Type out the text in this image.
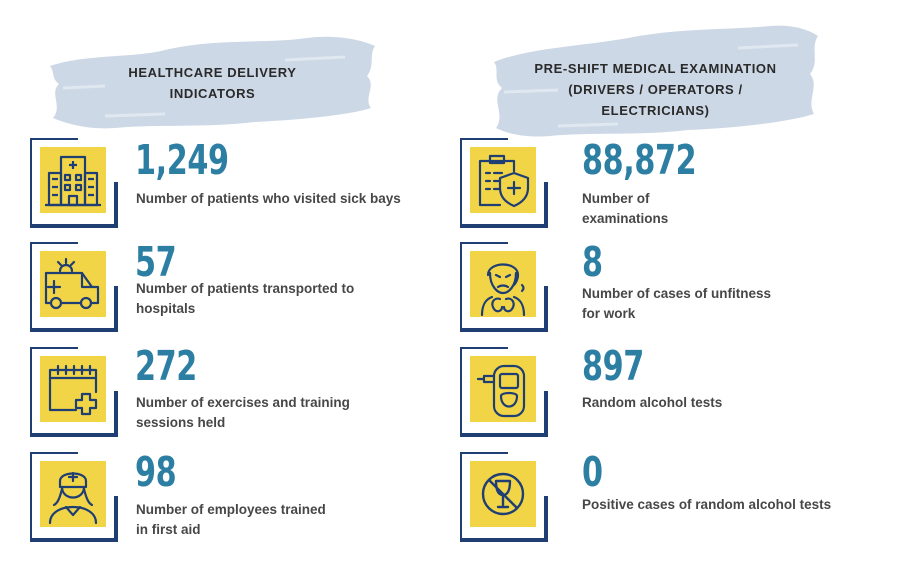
HEALTHCARE DELIVERY
INDICATORS
PRE-SHIFT MEDICAL EXAMINATION
(DRIVERS / OPERATORS /
ELECTRICIANS)
1,249
Number of patients who visited sick bays
57
Number of patients transported to
hospitals
272
Number of exercises and training
sessions held
98
Number of employees trained
in first aid
88,872
Number of
examinations
8
Number of cases of unfitness
for work
897
Random alcohol tests
0
Positive cases of random alcohol tests
